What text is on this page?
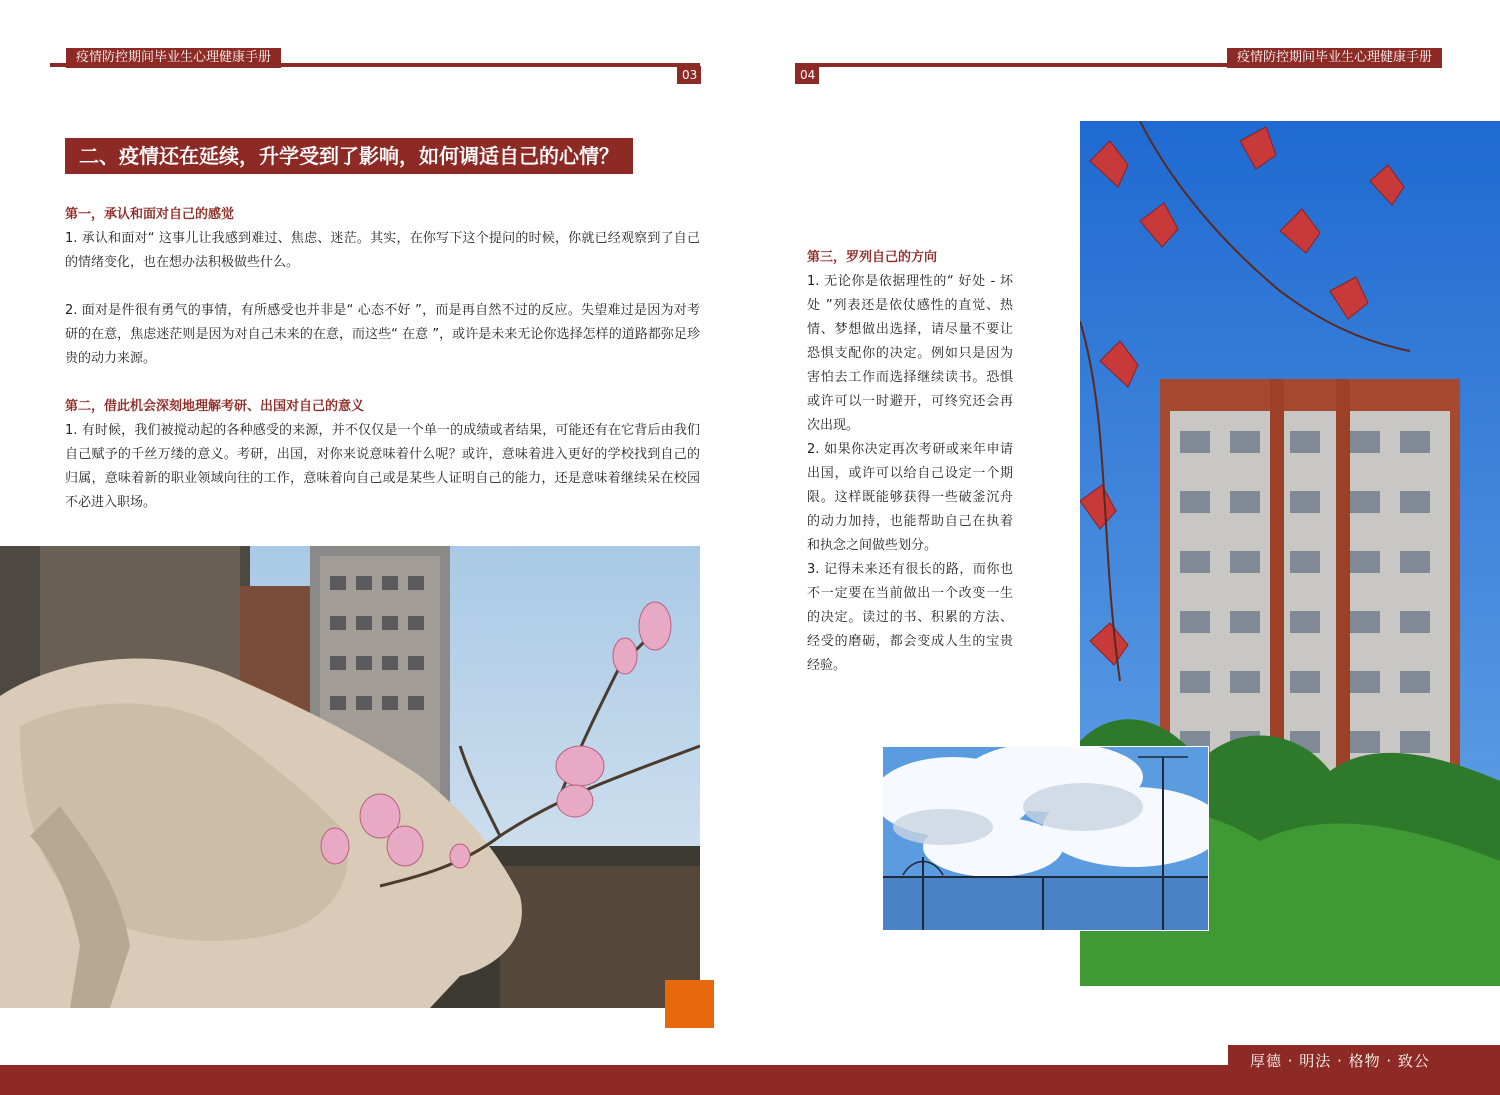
疫情防控期间毕业生心理健康手册
03
二、疫情还在延续，升学受到了影响，如何调适自己的心情？
第一，承认和面对自己的感觉
1. 承认和面对“ 这事儿让我感到难过、焦虑、迷茫。其实，在你写下这个提问的时候，你就已经观察到了自己的情绪变化，也在想办法积极做些什么。
2. 面对是件很有勇气的事情，有所感受也并非是“ 心态不好 ”，而是再自然不过的反应。失望难过是因为对考研的在意，焦虑迷茫则是因为对自己未来的在意，而这些“ 在意 ”，或许是未来无论你选择怎样的道路都弥足珍贵的动力来源。
第二，借此机会深刻地理解考研、出国对自己的意义
1. 有时候，我们被搅动起的各种感受的来源，并不仅仅是一个单一的成绩或者结果，可能还有在它背后由我们自己赋予的千丝万缕的意义。考研，出国，对你来说意味着什么呢？或许，意味着进入更好的学校找到自己的归属，意味着新的职业领域向往的工作，意味着向自己或是某些人证明自己的能力，还是意味着继续呆在校园不必进入职场。
疫情防控期间毕业生心理健康手册
04
第三，罗列自己的方向
1. 无论你是依据理性的“ 好处 - 坏处 ”列表还是依仗感性的直觉、热情、梦想做出选择，请尽量不要让恐惧支配你的决定。例如只是因为害怕去工作而选择继续读书。恐惧或许可以一时避开，可终究还会再次出现。
2. 如果你决定再次考研或来年申请出国，或许可以给自己设定一个期限。这样既能够获得一些破釜沉舟的动力加持，也能帮助自己在执着和执念之间做些划分。
3. 记得未来还有很长的路，而你也不一定要在当前做出一个改变一生的决定。读过的书、积累的方法、经受的磨砺，都会变成人生的宝贵经验。
厚德 · 明法 · 格物 · 致公
